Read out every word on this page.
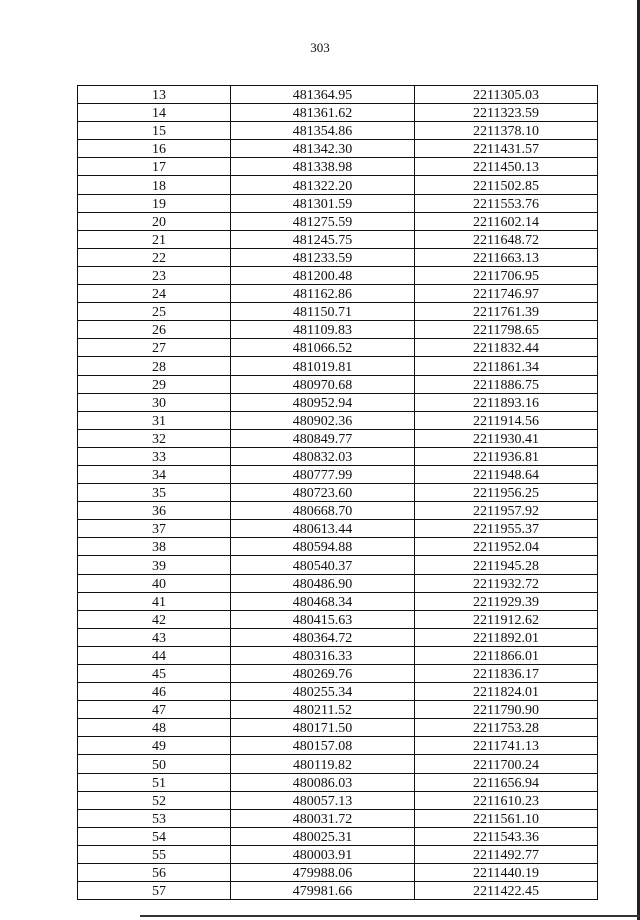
303
13	481364.95	2211305.03
14	481361.62	2211323.59
15	481354.86	2211378.10
16	481342.30	2211431.57
17	481338.98	2211450.13
18	481322.20	2211502.85
19	481301.59	2211553.76
20	481275.59	2211602.14
21	481245.75	2211648.72
22	481233.59	2211663.13
23	481200.48	2211706.95
24	481162.86	2211746.97
25	481150.71	2211761.39
26	481109.83	2211798.65
27	481066.52	2211832.44
28	481019.81	2211861.34
29	480970.68	2211886.75
30	480952.94	2211893.16
31	480902.36	2211914.56
32	480849.77	2211930.41
33	480832.03	2211936.81
34	480777.99	2211948.64
35	480723.60	2211956.25
36	480668.70	2211957.92
37	480613.44	2211955.37
38	480594.88	2211952.04
39	480540.37	2211945.28
40	480486.90	2211932.72
41	480468.34	2211929.39
42	480415.63	2211912.62
43	480364.72	2211892.01
44	480316.33	2211866.01
45	480269.76	2211836.17
46	480255.34	2211824.01
47	480211.52	2211790.90
48	480171.50	2211753.28
49	480157.08	2211741.13
50	480119.82	2211700.24
51	480086.03	2211656.94
52	480057.13	2211610.23
53	480031.72	2211561.10
54	480025.31	2211543.36
55	480003.91	2211492.77
56	479988.06	2211440.19
57	479981.66	2211422.45
